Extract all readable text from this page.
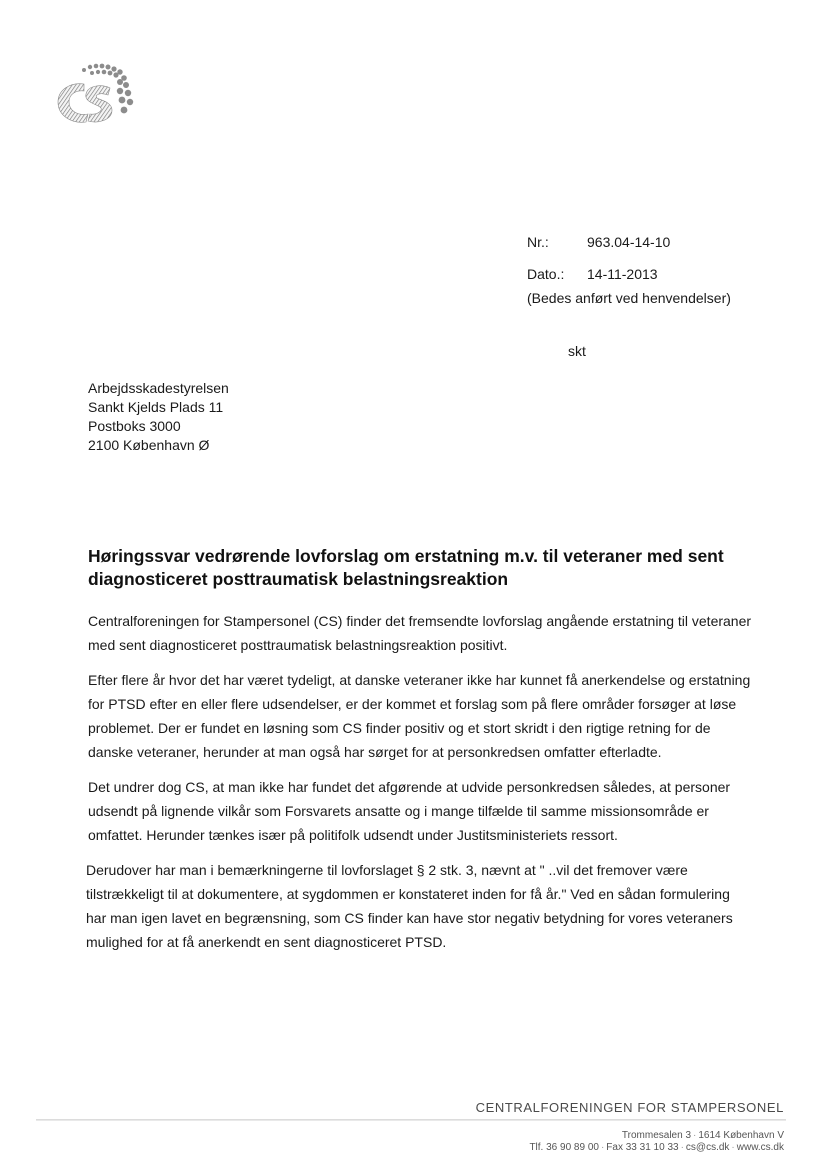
Nr.:	963.04-14-10
Dato.:	14-11-2013
(Bedes anført ved henvendelser)
skt
Arbejdsskadestyrelsen
Sankt Kjelds Plads 11
Postboks 3000
2100 København Ø
Høringssvar vedrørende lovforslag om erstatning m.v. til veteraner med sent
diagnosticeret posttraumatisk belastningsreaktion
Centralforeningen for Stampersonel (CS) finder det fremsendte lovforslag angående erstatning til veteraner
med sent diagnosticeret posttraumatisk belastningsreaktion positivt.
Efter flere år hvor det har været tydeligt, at danske veteraner ikke har kunnet få anerkendelse og erstatning
for PTSD efter en eller flere udsendelser, er der kommet et forslag som på flere områder forsøger at løse
problemet. Der er fundet en løsning som CS finder positiv og et stort skridt i den rigtige retning for de
danske veteraner, herunder at man også har sørget for at personkredsen omfatter efterladte.
Det undrer dog CS, at man ikke har fundet det afgørende at udvide personkredsen således, at personer
udsendt på lignende vilkår som Forsvarets ansatte og i mange tilfælde til samme missionsområde er
omfattet. Herunder tænkes især på politifolk udsendt under Justitsministeriets ressort.
Derudover har man i bemærkningerne til lovforslaget § 2 stk. 3, nævnt at " ..vil det fremover være
tilstrækkeligt til at dokumentere, at sygdommen er konstateret inden for få år." Ved en sådan formulering
har man igen lavet en begrænsning, som CS finder kan have stor negativ betydning for vores veteraners
mulighed for at få anerkendt en sent diagnosticeret PTSD.
CENTRALFORENINGEN FOR STAMPERSONEL
Trommesalen 3 · 1614 København V
Tlf. 36 90 89 00 · Fax 33 31 10 33 · cs@cs.dk · www.cs.dk
